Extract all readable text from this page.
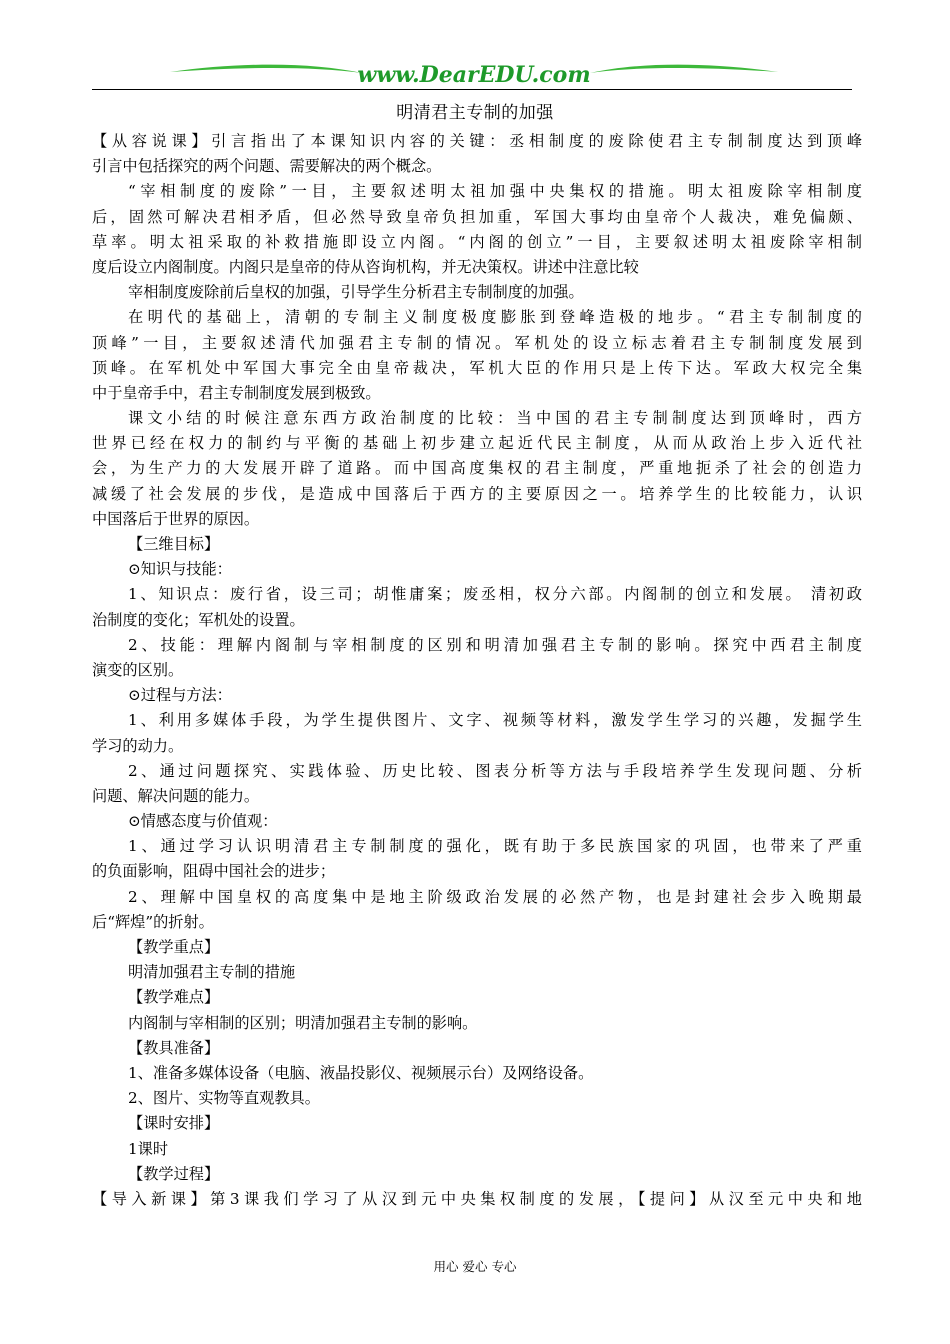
www.DearEDU.com
明清君主专制的加强
【从容说课】引言指出了本课知识内容的关键：丞相制度的废除使君主专制制度达到顶峰
引言中包括探究的两个问题、需要解决的两个概念。
“宰相制度的废除”一目，主要叙述明太祖加强中央集权的措施。明太祖废除宰相制度
后，固然可解决君相矛盾，但必然导致皇帝负担加重，军国大事均由皇帝个人裁决，难免偏颇、
草率。明太祖采取的补救措施即设立内阁。“内阁的创立”一目，主要叙述明太祖废除宰相制
度后设立内阁制度。内阁只是皇帝的侍从咨询机构，并无决策权。讲述中注意比较
宰相制度废除前后皇权的加强，引导学生分析君主专制制度的加强。
在明代的基础上，清朝的专制主义制度极度膨胀到登峰造极的地步。“君主专制制度的
顶峰”一目，主要叙述清代加强君主专制的情况。军机处的设立标志着君主专制制度发展到
顶峰。在军机处中军国大事完全由皇帝裁决，军机大臣的作用只是上传下达。军政大权完全集
中于皇帝手中，君主专制制度发展到极致。
课文小结的时候注意东西方政治制度的比较：当中国的君主专制制度达到顶峰时，西方
世界已经在权力的制约与平衡的基础上初步建立起近代民主制度，从而从政治上步入近代社
会，为生产力的大发展开辟了道路。而中国高度集权的君主制度，严重地扼杀了社会的创造力
减缓了社会发展的步伐，是造成中国落后于西方的主要原因之一。培养学生的比较能力，认识
中国落后于世界的原因。
【三维目标】
⊙知识与技能：
1、知识点：废行省，设三司；胡惟庸案；废丞相，权分六部。内阁制的创立和发展。 清初政
治制度的变化；军机处的设置。
2、技能：理解内阁制与宰相制度的区别和明清加强君主专制的影响。探究中西君主制度
演变的区别。
⊙过程与方法：
1、利用多媒体手段，为学生提供图片、文字、视频等材料，激发学生学习的兴趣，发掘学生
学习的动力。
2、通过问题探究、实践体验、历史比较、图表分析等方法与手段培养学生发现问题、分析
问题、解决问题的能力。
⊙情感态度与价值观：
1、通过学习认识明清君主专制制度的强化，既有助于多民族国家的巩固，也带来了严重
的负面影响，阻碍中国社会的进步；
2、理解中国皇权的高度集中是地主阶级政治发展的必然产物，也是封建社会步入晚期最
后“辉煌”的折射。
【教学重点】
明清加强君主专制的措施
【教学难点】
内阁制与宰相制的区别；明清加强君主专制的影响。
【教具准备】
1、准备多媒体设备（电脑、液晶投影仪、视频展示台）及网络设备。
2、图片、实物等直观教具。
【课时安排】
1课时
【教学过程】
【导入新课】第3课我们学习了从汉到元中央集权制度的发展，【提问】从汉至元中央和地
用心 爱心 专心
